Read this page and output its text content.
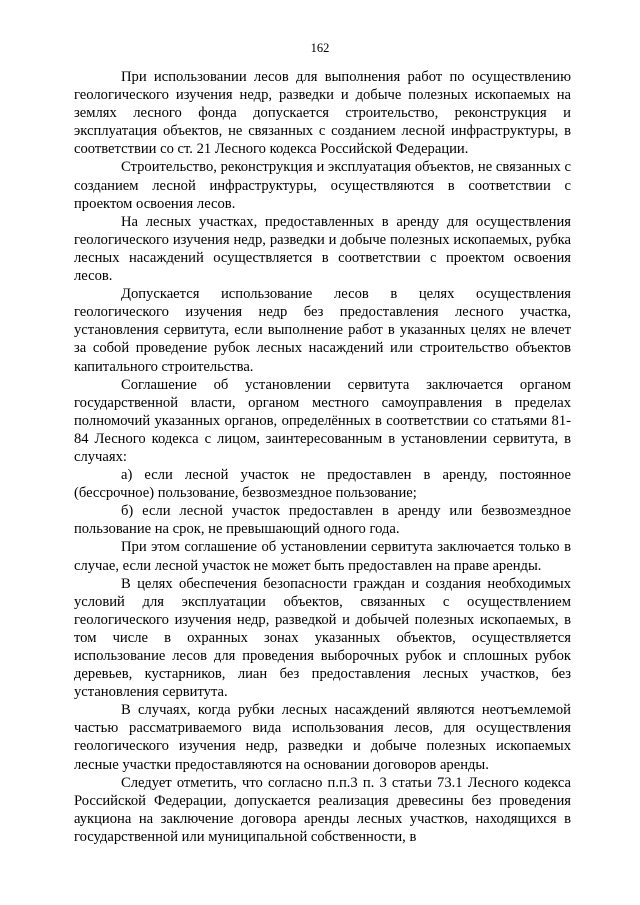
162

При использовании лесов для выполнения работ по осуществлению геологического изучения недр, разведки и добыче полезных ископаемых на землях лесного фонда допускается строительство, реконструкция и эксплуатация объектов, не связанных с созданием лесной инфраструктуры, в соответствии со ст. 21 Лесного кодекса Российской Федерации.

Строительство, реконструкция и эксплуатация объектов, не связанных с созданием лесной инфраструктуры, осуществляются в соответствии с проектом освоения лесов.

На лесных участках, предоставленных в аренду для осуществления геологического изучения недр, разведки и добыче полезных ископаемых, рубка лесных насаждений осуществляется в соответствии с проектом освоения лесов.

Допускается использование лесов в целях осуществления геологического изучения недр без предоставления лесного участка, установления сервитута, если выполнение работ в указанных целях не влечет за собой проведение рубок лесных насаждений или строительство объектов капитального строительства.

Соглашение об установлении сервитута заключается органом государственной власти, органом местного самоуправления в пределах полномочий указанных органов, определённых в соответствии со статьями 81-84 Лесного кодекса с лицом, заинтересованным в установлении сервитута, в случаях:

а) если лесной участок не предоставлен в аренду, постоянное (бессрочное) пользование, безвозмездное пользование;

б) если лесной участок предоставлен в аренду или безвозмездное пользование на срок, не превышающий одного года.

При этом соглашение об установлении сервитута заключается только в случае, если лесной участок не может быть предоставлен на праве аренды.

В целях обеспечения безопасности граждан и создания необходимых условий для эксплуатации объектов, связанных с осуществлением геологического изучения недр, разведкой и добычей полезных ископаемых, в том числе в охранных зонах указанных объектов, осуществляется использование лесов для проведения выборочных рубок и сплошных рубок деревьев, кустарников, лиан без предоставления лесных участков, без установления сервитута.

В случаях, когда рубки лесных насаждений являются неотъемлемой частью рассматриваемого вида использования лесов, для осуществления геологического изучения недр, разведки и добыче полезных ископаемых лесные участки предоставляются на основании договоров аренды.

Следует отметить, что согласно п.п.3 п. 3 статьи 73.1 Лесного кодекса Российской Федерации, допускается реализация древесины без проведения аукциона на заключение договора аренды лесных участков, находящихся в государственной или муниципальной собственности, в
